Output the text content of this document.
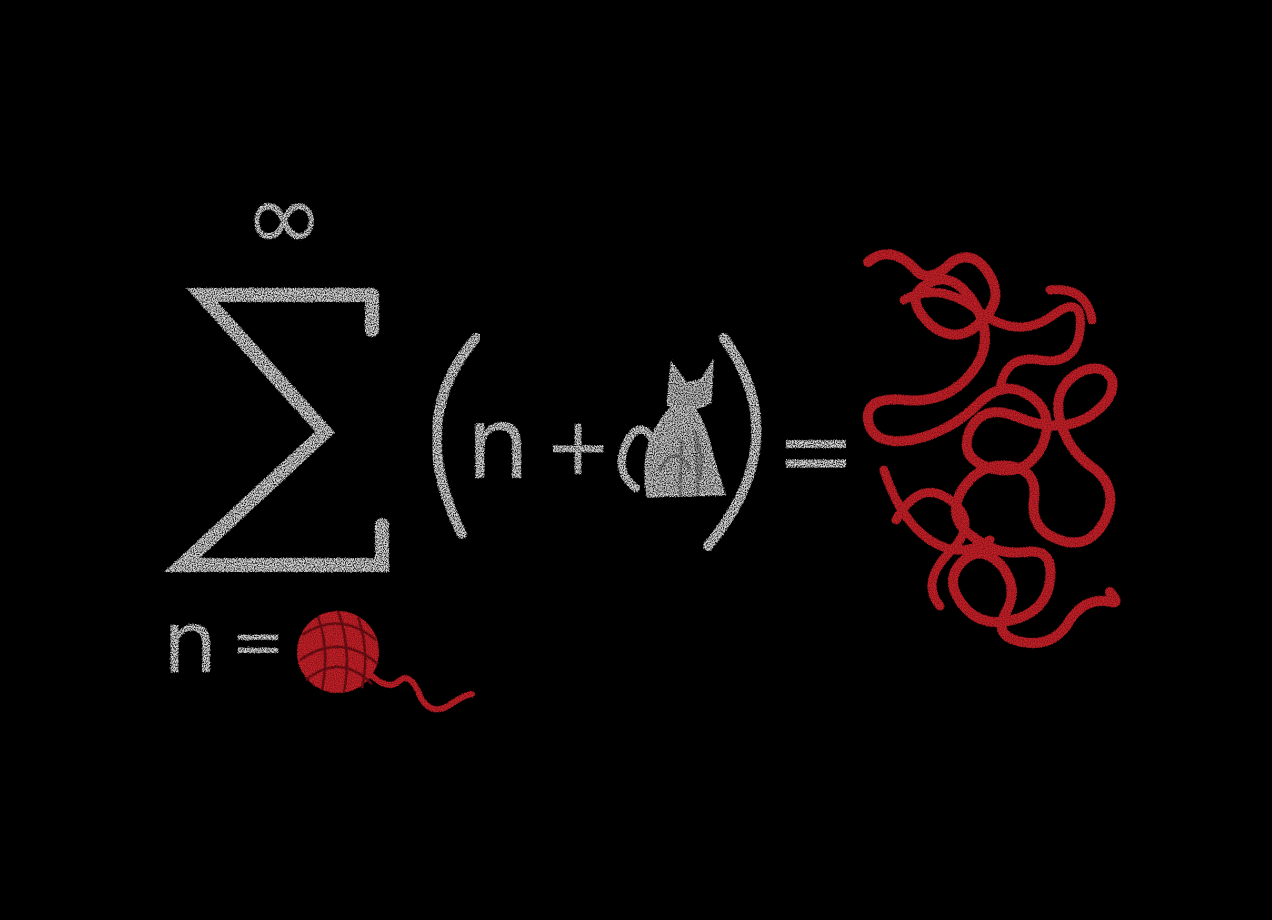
∞
n =
n + =
